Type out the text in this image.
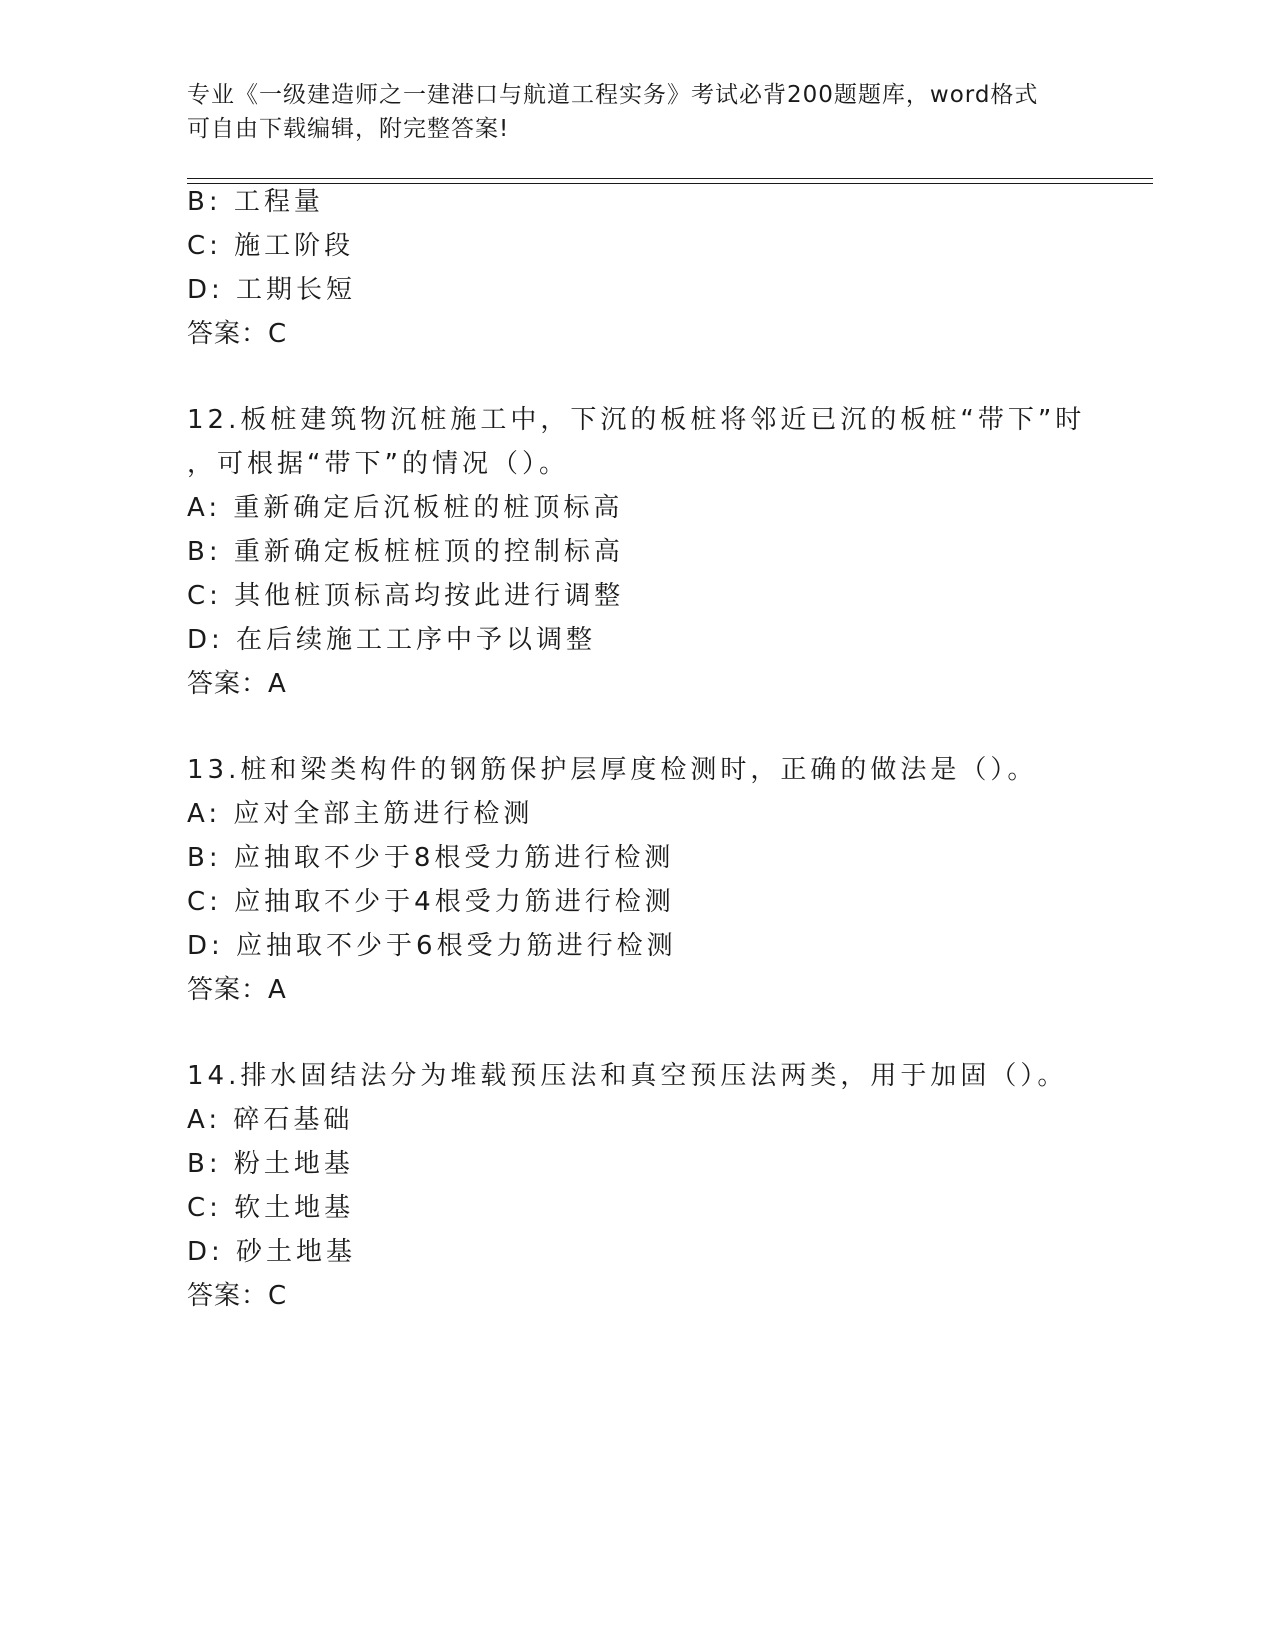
专业《一级建造师之一建港口与航道工程实务》考试必背200题题库，word格式
可自由下载编辑，附完整答案!
B: 工程量
C: 施工阶段
D: 工期长短
答案：C
12.板桩建筑物沉桩施工中，下沉的板桩将邻近已沉的板桩“带下”时
，可根据“带下”的情况（）。
A: 重新确定后沉板桩的桩顶标高
B: 重新确定板桩桩顶的控制标高
C: 其他桩顶标高均按此进行调整
D: 在后续施工工序中予以调整
答案：A
13.桩和梁类构件的钢筋保护层厚度检测时，正确的做法是（）。
A: 应对全部主筋进行检测
B: 应抽取不少于8根受力筋进行检测
C: 应抽取不少于4根受力筋进行检测
D: 应抽取不少于6根受力筋进行检测
答案：A
14.排水固结法分为堆载预压法和真空预压法两类，用于加固（）。
A: 碎石基础
B: 粉土地基
C: 软土地基
D: 砂土地基
答案：C
